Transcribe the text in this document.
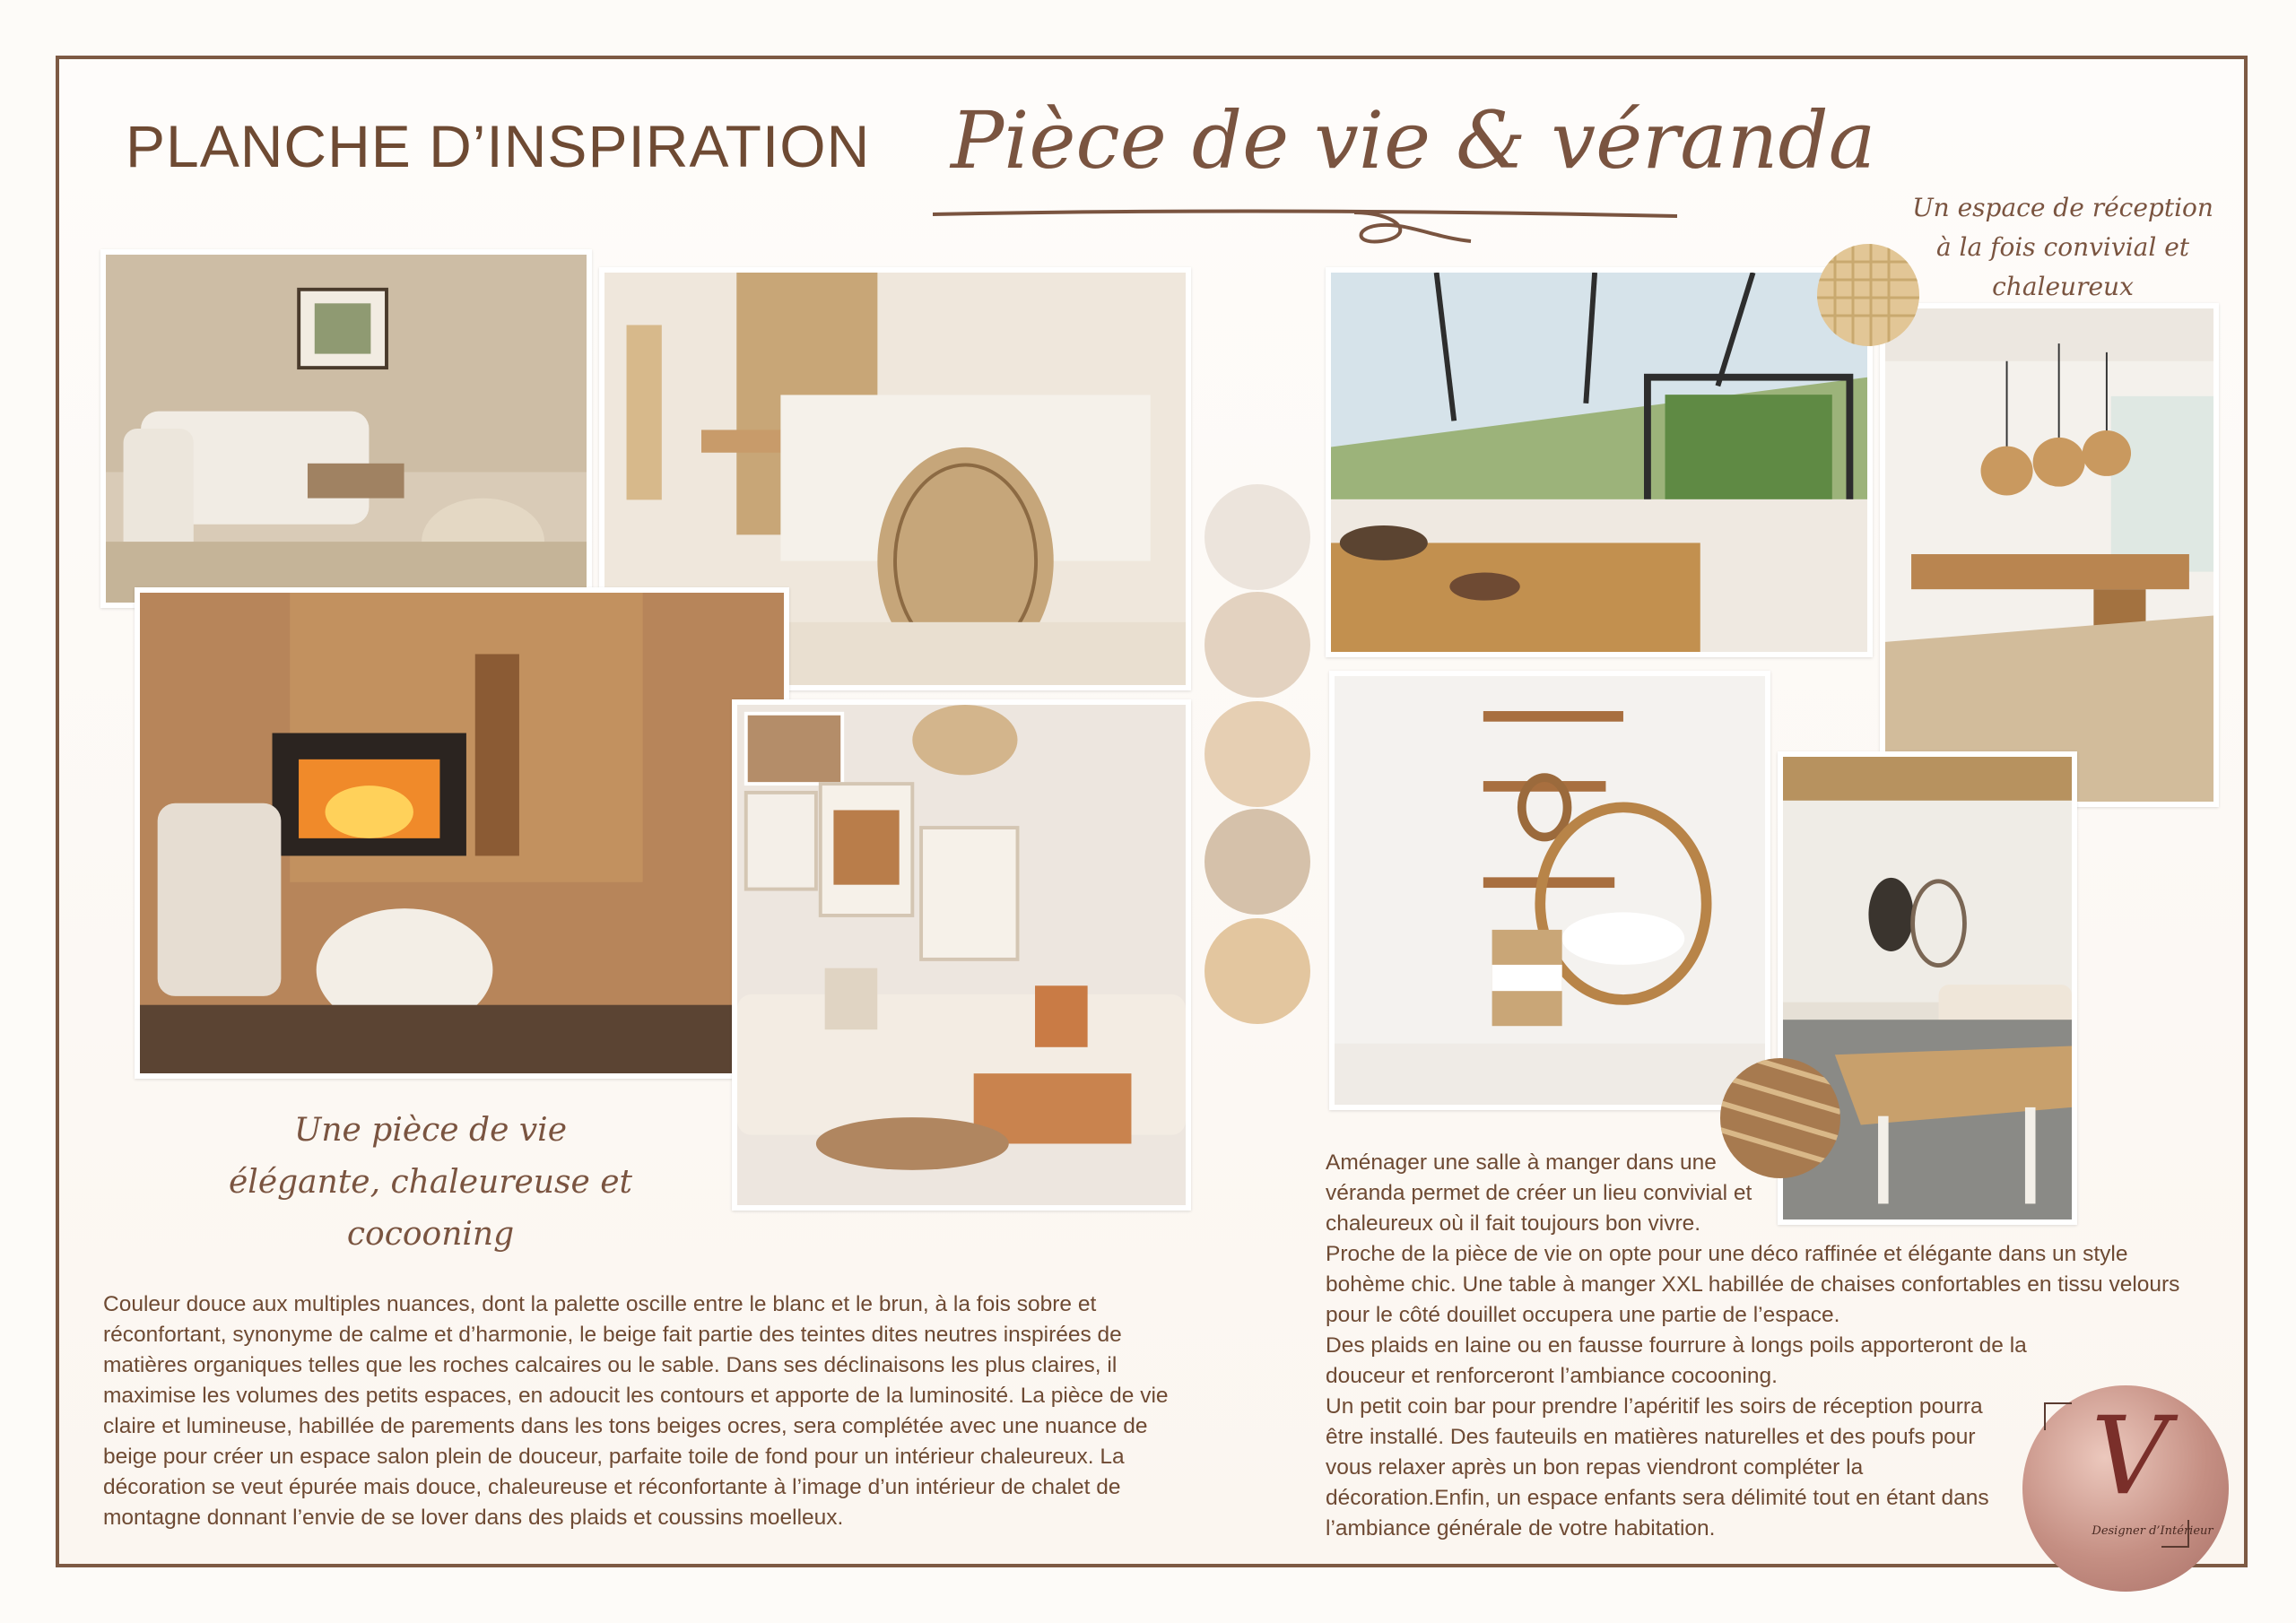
PLANCHE D’INSPIRATION Pièce de vie & véranda
Un espace de réception à la fois convivial et chaleureux
Une pièce de vie
élégante, chaleureuse et cocooning
Couleur douce aux multiples nuances, dont la palette oscille entre le blanc et le brun, à la fois sobre et réconfortant, synonyme de calme et d’harmonie, le beige fait partie des teintes dites neutres inspirées de matières organiques telles que les roches calcaires ou le sable. Dans ses déclinaisons les plus claires, il maximise les volumes des petits espaces, en adoucit les contours et apporte de la luminosité. La pièce de vie claire et lumineuse, habillée de parements dans les tons beiges ocres, sera complétée avec une nuance de beige pour créer un espace salon plein de douceur, parfaite toile de fond pour un intérieur chaleureux. La décoration se veut épurée mais douce, chaleureuse et réconfortante à l’image d’un intérieur de chalet de montagne donnant l’envie de se lover dans des plaids et coussins moelleux.
Aménager une salle à manger dans une véranda permet de créer un lieu convivial et chaleureux où il fait toujours bon vivre.
Proche de la pièce de vie on opte pour une déco raffinée et élégante dans un style bohème chic. Une table à manger XXL habillée de chaises confortables en tissu velours pour le côté douillet occupera une partie de l’espace.
Des plaids en laine ou en fausse fourrure à longs poils apporteront de la douceur et renforceront l’ambiance cocooning.
Un petit coin bar pour prendre l’apéritif les soirs de réception pourra être installé. Des fauteuils en matières naturelles et des poufs pour vous relaxer après un bon repas viendront compléter la décoration.Enfin, un espace enfants sera délimité tout en étant dans l’ambiance générale de votre habitation.
V
Designer d’Intérieur
